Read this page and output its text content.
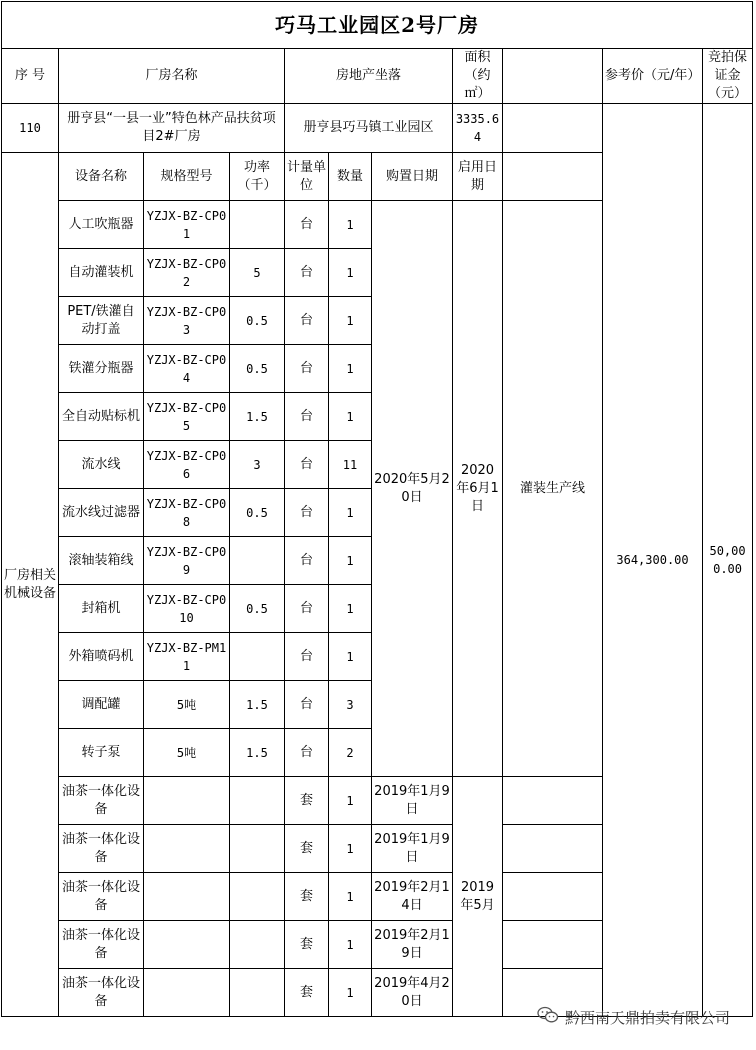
巧马工业园区2号厂房											
序 号	厂房名称			房地产坐落			面积（约㎡）		参考价（元/年）	竞拍保证金（元）	
110	册亨县“一县一业”特色林产品扶贫项目2#厂房			册亨县巧马镇工业园区			3335.64		364,300.00	50,000.00	
厂房相关机械设备	设备名称	规格型号	功率（千）	计量单位	数量	购置日期	启用日期				
	人工吹瓶器	YZJX-BZ-CP01		台	1	2020年5月20日	2020年6月1日	灌装生产线			
	自动灌装机	YZJX-BZ-CP02	5	台	1						
	PET/铁灌自动打盖	YZJX-BZ-CP03	0.5	台	1						
	铁灌分瓶器	YZJX-BZ-CP04	0.5	台	1						
	全自动贴标机	YZJX-BZ-CP05	1.5	台	1						
	流水线	YZJX-BZ-CP06	3	台	11						
	流水线过滤器	YZJX-BZ-CP08	0.5	台	1						
	滚轴装箱线	YZJX-BZ-CP09		台	1						
	封箱机	YZJX-BZ-CP010	0.5	台	1						
	外箱喷码机	YZJX-BZ-PM11		台	1						
	调配罐	5吨	1.5	台	3						
	转子泵	5吨	1.5	台	2						
	油茶一体化设备			套	1	2019年1月9日	2019年5月				
	油茶一体化设备			套	1	2019年1月9日					
	油茶一体化设备			套	1	2019年2月14日					
	油茶一体化设备			套	1	2019年2月19日					
	油茶一体化设备			套	1	2019年4月20日					
黔西南天鼎拍卖有限公司
